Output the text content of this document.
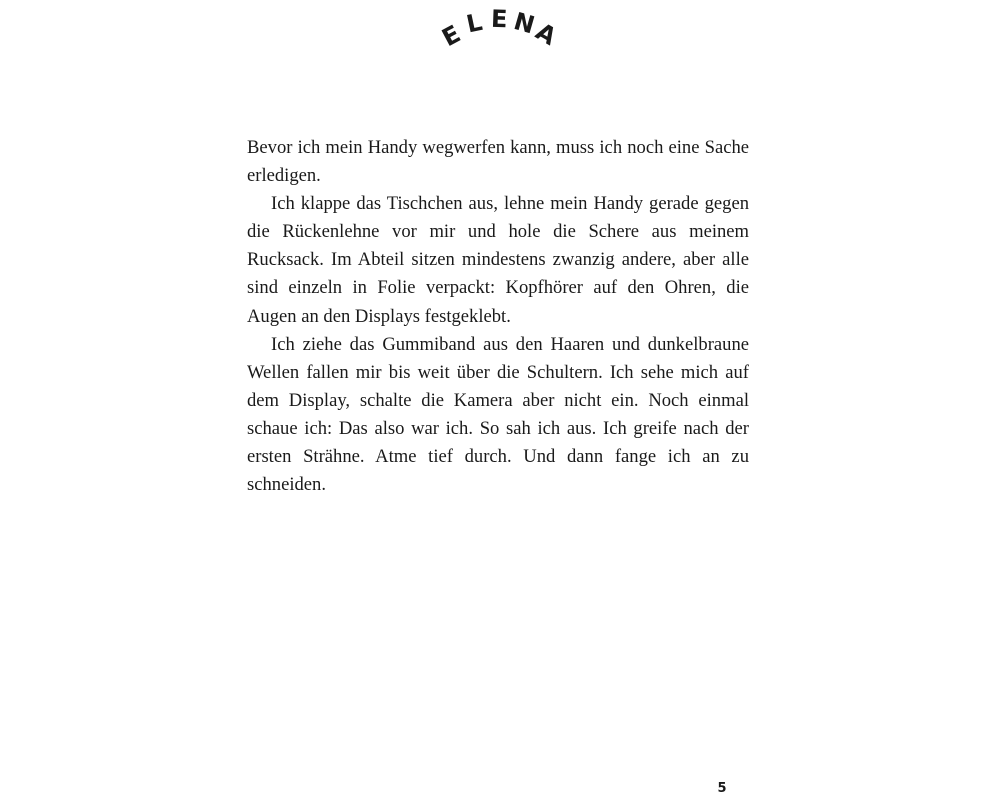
E
L E N
A

Bevor ich mein Handy wegwerfen kann, muss ich noch eine Sache erledigen.

Ich klappe das Tischchen aus, lehne mein Handy gerade gegen die Rückenlehne vor mir und hole die Schere aus meinem Rucksack. Im Abteil sitzen mindestens zwanzig andere, aber alle sind einzeln in Folie verpackt: Kopfhörer auf den Ohren, die Augen an den Displays festgeklebt.

Ich ziehe das Gummiband aus den Haaren und dunkelbraune Wellen fallen mir bis weit über die Schultern. Ich sehe mich auf dem Display, schalte die Kamera aber nicht ein. Noch einmal schaue ich: Das also war ich. So sah ich aus. Ich greife nach der ersten Strähne. Atme tief durch. Und dann fange ich an zu schneiden.

5
